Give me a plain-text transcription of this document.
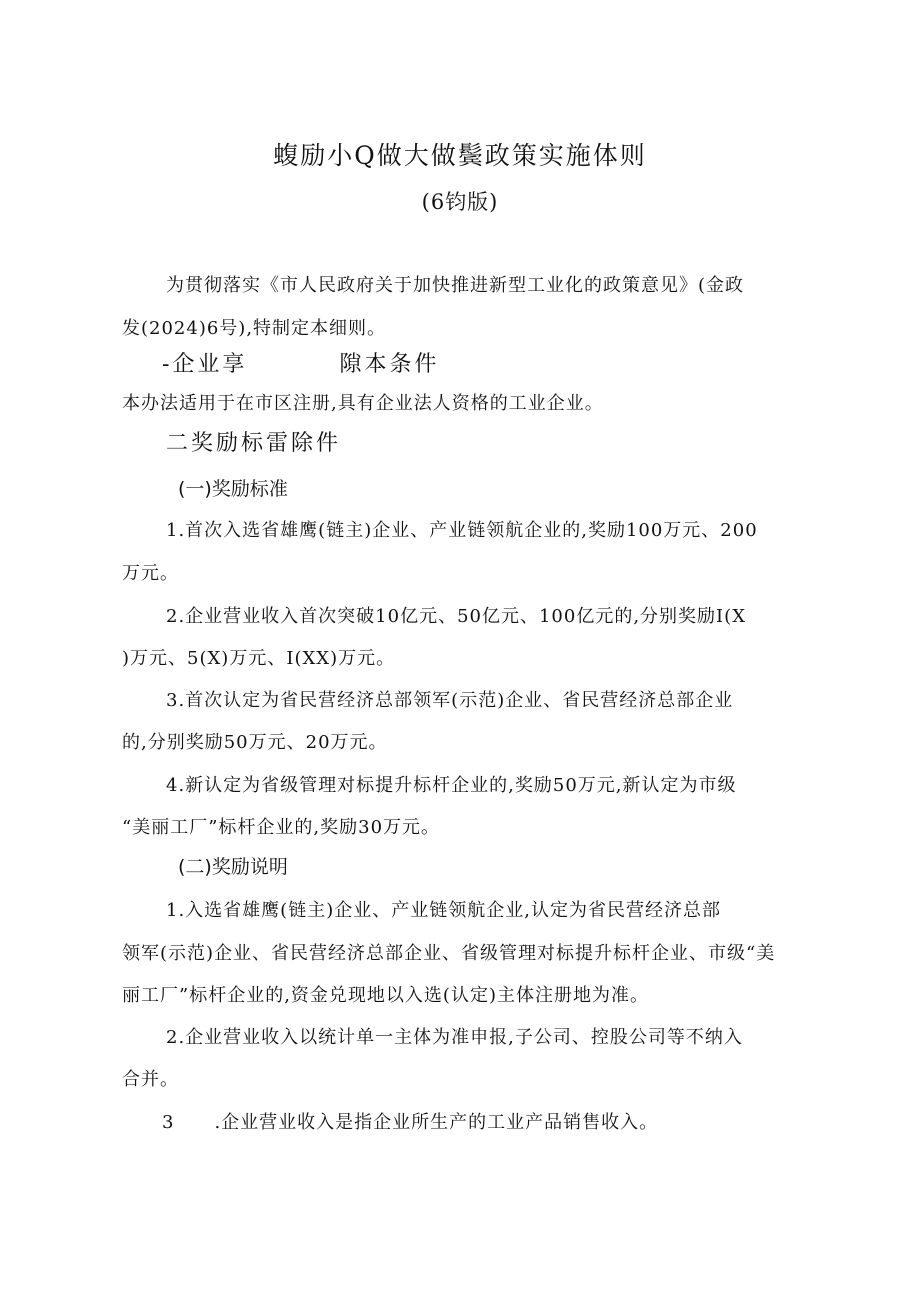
蝮励小Q做大做鬓政策实施体则
(6钧版)
为贯彻落实《市人民政府关于加快推进新型工业化的政策意见》(金政
发(2024)6号),特制定本细则。
-企业享	隙本条件
本办法适用于在市区注册,具有企业法人资格的工业企业。
二奖励标雷除件
(一)奖励标准
1.首次入选省雄鹰(链主)企业、产业链领航企业的,奖励100万元、200
万元。
2.企业营业收入首次突破10亿元、50亿元、100亿元的,分别奖励I(X
)万元、5(X)万元、I(XX)万元。
3.首次认定为省民营经济总部领军(示范)企业、省民营经济总部企业
的,分别奖励50万元、20万元。
4.新认定为省级管理对标提升标杆企业的,奖励50万元,新认定为市级
“美丽工厂”标杆企业的,奖励30万元。
(二)奖励说明
1.入选省雄鹰(链主)企业、产业链领航企业,认定为省民营经济总部
领军(示范)企业、省民营经济总部企业、省级管理对标提升标杆企业、市级“美
丽工厂”标杆企业的,资金兑现地以入选(认定)主体注册地为准。
2.企业营业收入以统计单一主体为准申报,子公司、控股公司等不纳入
合并。
3 .企业营业收入是指企业所生产的工业产品销售收入。
